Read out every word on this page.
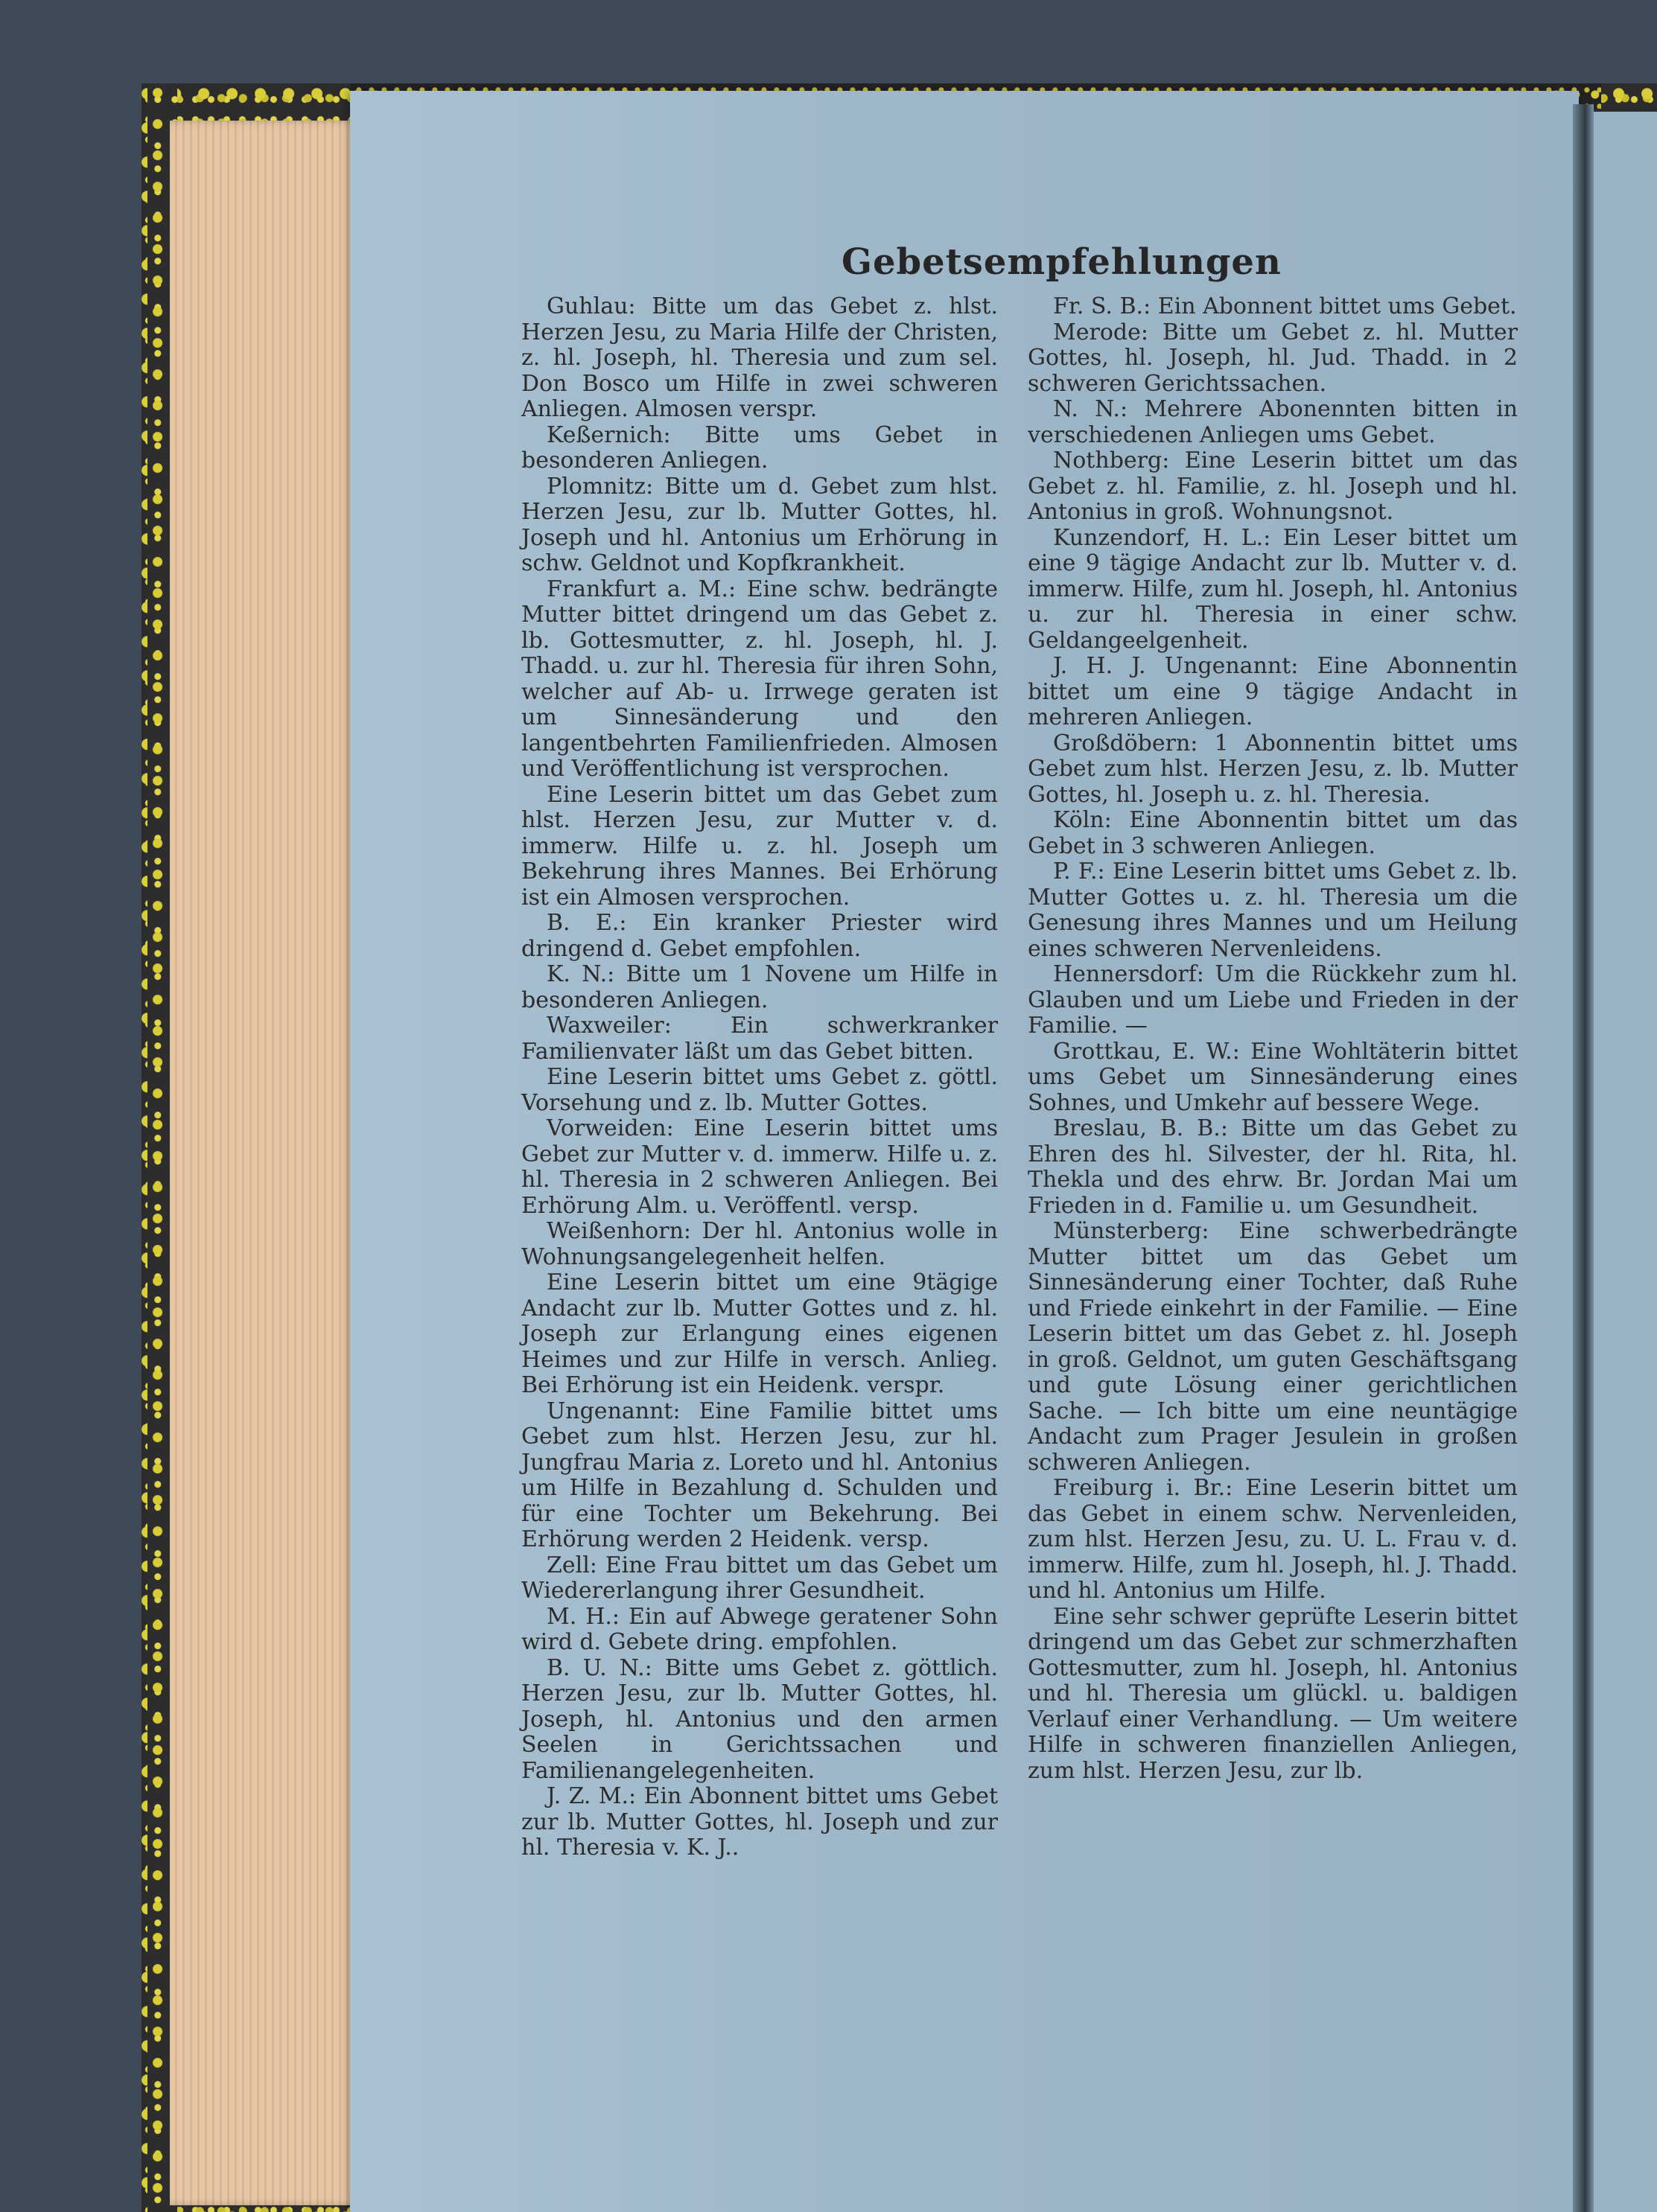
Gebetsempfehlungen

Guhlau: Bitte um das Gebet z. hlst. Herzen Jesu, zu Maria Hilfe der Christen, z. hl. Joseph, hl. Theresia und zum sel. Don Bosco um Hilfe in zwei schweren Anliegen. Almosen verspr.

Keßernich: Bitte ums Gebet in besonderen Anliegen.

Plomnitz: Bitte um d. Gebet zum hlst. Herzen Jesu, zur lb. Mutter Gottes, hl. Joseph und hl. Antonius um Erhörung in schw. Geldnot und Kopfkrankheit.

Frankfurt a. M.: Eine schw. bedrängte Mutter bittet dringend um das Gebet z. lb. Gottesmutter, z. hl. Joseph, hl. J. Thadd. u. zur hl. Theresia für ihren Sohn, welcher auf Ab- u. Irrwege geraten ist um Sinnesänderung und den langentbehrten Familienfrieden. Almosen und Veröffentlichung ist versprochen.

Eine Leserin bittet um das Gebet zum hlst. Herzen Jesu, zur Mutter v. d. immerw. Hilfe u. z. hl. Joseph um Bekehrung ihres Mannes. Bei Erhörung ist ein Almosen versprochen.

B. E.: Ein kranker Priester wird dringend d. Gebet empfohlen.

K. N.: Bitte um 1 Novene um Hilfe in besonderen Anliegen.

Waxweiler: Ein schwerkranker Familienvater läßt um das Gebet bitten.

Eine Leserin bittet ums Gebet z. göttl. Vorsehung und z. lb. Mutter Gottes.

Vorweiden: Eine Leserin bittet ums Gebet zur Mutter v. d. immerw. Hilfe u. z. hl. Theresia in 2 schweren Anliegen. Bei Erhörung Alm. u. Veröffentl. versp.

Weißenhorn: Der hl. Antonius wolle in Wohnungsangelegenheit helfen.

Eine Leserin bittet um eine 9tägige Andacht zur lb. Mutter Gottes und z. hl. Joseph zur Erlangung eines eigenen Heimes und zur Hilfe in versch. Anlieg. Bei Erhörung ist ein Heidenk. verspr.

Ungenannt: Eine Familie bittet ums Gebet zum hlst. Herzen Jesu, zur hl. Jungfrau Maria z. Loreto und hl. Antonius um Hilfe in Bezahlung d. Schulden und für eine Tochter um Bekehrung. Bei Erhörung werden 2 Heidenk. versp.

Zell: Eine Frau bittet um das Gebet um Wiedererlangung ihrer Gesundheit.

M. H.: Ein auf Abwege geratener Sohn wird d. Gebete dring. empfohlen.

B. U. N.: Bitte ums Gebet z. göttlich. Herzen Jesu, zur lb. Mutter Gottes, hl. Joseph, hl. Antonius und den armen Seelen in Gerichtssachen und Familienangelegenheiten.

J. Z. M.: Ein Abonnent bittet ums Gebet zur lb. Mutter Gottes, hl. Joseph und zur hl. Theresia v. K. J..

Fr. S. B.: Ein Abonnent bittet ums Gebet.

Merode: Bitte um Gebet z. hl. Mutter Gottes, hl. Joseph, hl. Jud. Thadd. in 2 schweren Gerichtssachen.

N. N.: Mehrere Abonennten bitten in verschiedenen Anliegen ums Gebet.

Nothberg: Eine Leserin bittet um das Gebet z. hl. Familie, z. hl. Joseph und hl. Antonius in groß. Wohnungsnot.

Kunzendorf, H. L.: Ein Leser bittet um eine 9 tägige Andacht zur lb. Mutter v. d. immerw. Hilfe, zum hl. Joseph, hl. Antonius u. zur hl. Theresia in einer schw. Geldangeelgenheit.

J. H. J. Ungenannt: Eine Abonnentin bittet um eine 9 tägige Andacht in mehreren Anliegen.

Großdöbern: 1 Abonnentin bittet ums Gebet zum hlst. Herzen Jesu, z. lb. Mutter Gottes, hl. Joseph u. z. hl. Theresia.

Köln: Eine Abonnentin bittet um das Gebet in 3 schweren Anliegen.

P. F.: Eine Leserin bittet ums Gebet z. lb. Mutter Gottes u. z. hl. Theresia um die Genesung ihres Mannes und um Heilung eines schweren Nervenleidens.

Hennersdorf: Um die Rückkehr zum hl. Glauben und um Liebe und Frieden in der Familie. —

Grottkau, E. W.: Eine Wohltäterin bittet ums Gebet um Sinnesänderung eines Sohnes, und Umkehr auf bessere Wege.

Breslau, B. B.: Bitte um das Gebet zu Ehren des hl. Silvester, der hl. Rita, hl. Thekla und des ehrw. Br. Jordan Mai um Frieden in d. Familie u. um Gesundheit.

Münsterberg: Eine schwerbedrängte Mutter bittet um das Gebet um Sinnesänderung einer Tochter, daß Ruhe und Friede einkehrt in der Familie. — Eine Leserin bittet um das Gebet z. hl. Joseph in groß. Geldnot, um guten Geschäftsgang und gute Lösung einer gerichtlichen Sache. — Ich bitte um eine neuntägige Andacht zum Prager Jesulein in großen schweren Anliegen.

Freiburg i. Br.: Eine Leserin bittet um das Gebet in einem schw. Nervenleiden, zum hlst. Herzen Jesu, zu. U. L. Frau v. d. immerw. Hilfe, zum hl. Joseph, hl. J. Thadd. und hl. Antonius um Hilfe.

Eine sehr schwer geprüfte Leserin bittet dringend um das Gebet zur schmerzhaften Gottesmutter, zum hl. Joseph, hl. Antonius und hl. Theresia um glückl. u. baldigen Verlauf einer Verhandlung. — Um weitere Hilfe in schweren finanziellen Anliegen, zum hlst. Herzen Jesu, zur lb.
